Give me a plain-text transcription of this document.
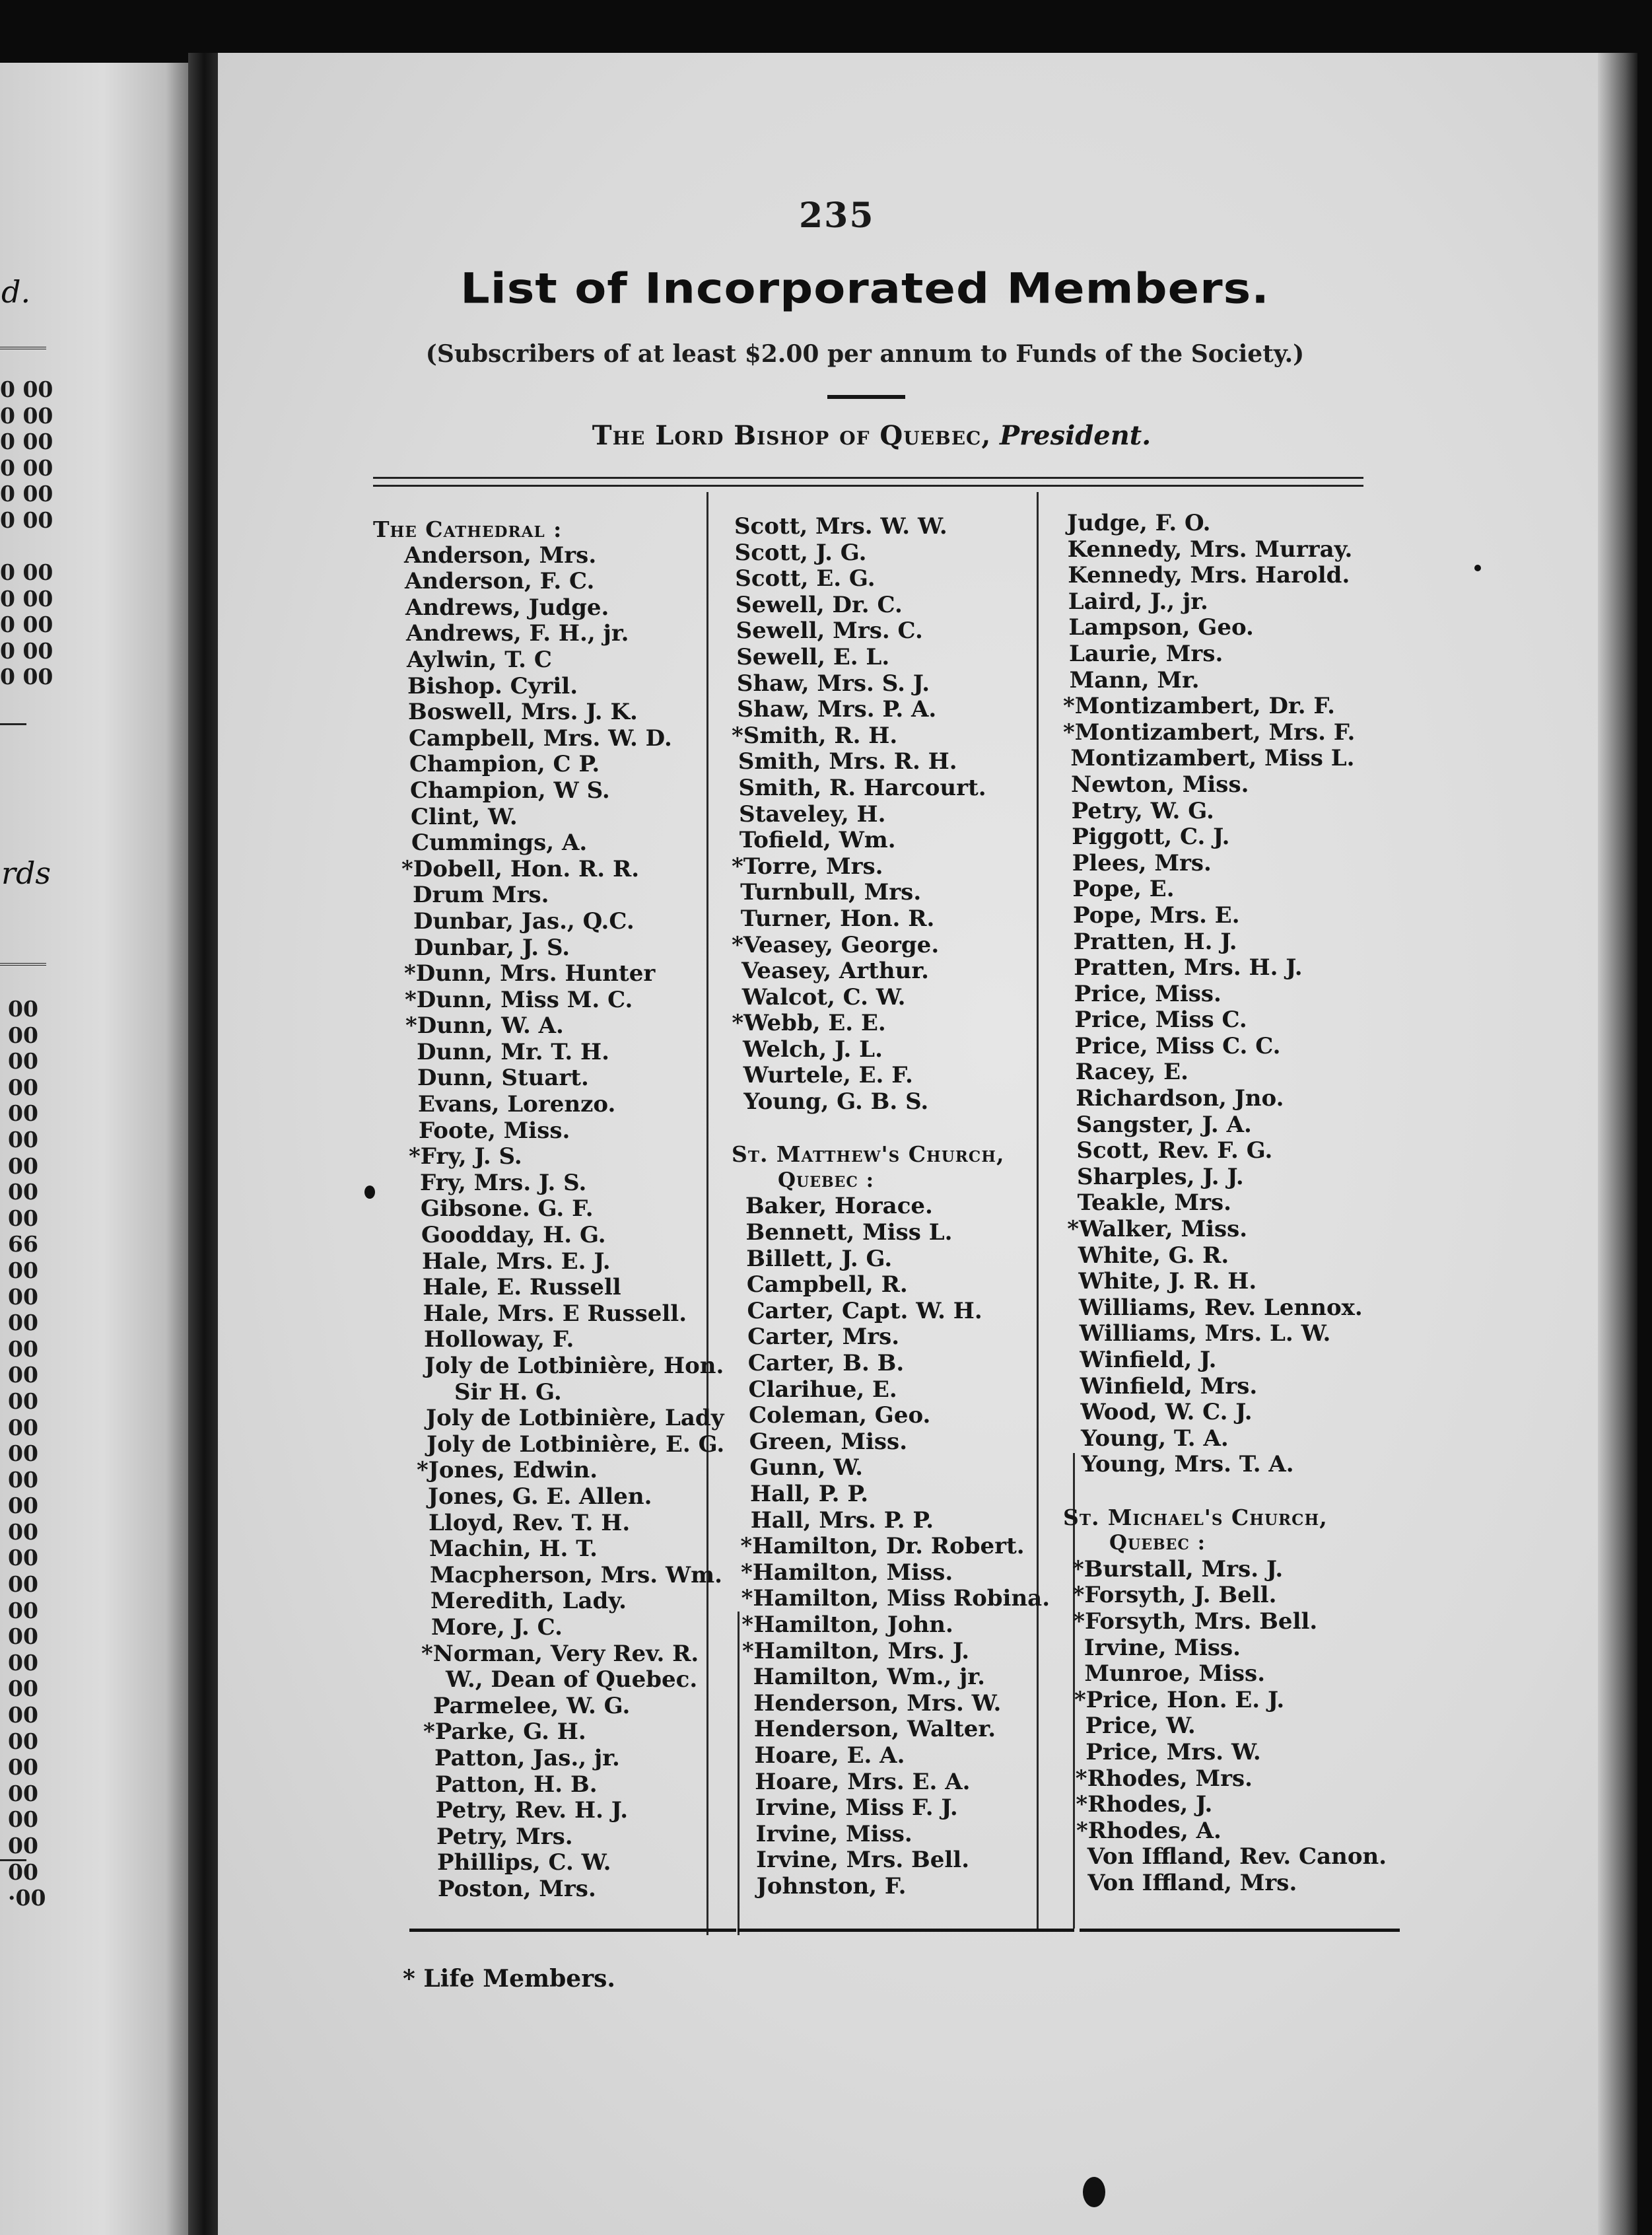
d.
0 00
0 00
0 00
0 00
0 00
0 00
0 00
0 00
0 00
0 00
0 00
rds
00
00
00
00
00
00
00
00
00
66
00
00
00
00
00
00
00
00
00
00
00
00
00
00
00
00
00
00
00
00
00
00
00
00
·00
235
List of Incorporated Members.
(Subscribers of at least $2.00 per annum to Funds of the Society.)
The Lord Bishop of Quebec, President.
The Cathedral :
Anderson, Mrs.
Anderson, F. C.
Andrews, Judge.
Andrews, F. H., jr.
Aylwin, T. C
Bishop. Cyril.
Boswell, Mrs. J. K.
Campbell, Mrs. W. D.
Champion, C P.
Champion, W S.
Clint, W.
Cummings, A.
*Dobell, Hon. R. R.
Drum Mrs.
Dunbar, Jas., Q.C.
Dunbar, J. S.
*Dunn, Mrs. Hunter
*Dunn, Miss M. C.
*Dunn, W. A.
Dunn, Mr. T. H.
Dunn, Stuart.
Evans, Lorenzo.
Foote, Miss.
*Fry, J. S.
Fry, Mrs. J. S.
Gibsone. G. F.
Goodday, H. G.
Hale, Mrs. E. J.
Hale, E. Russell
Hale, Mrs. E Russell.
Holloway, F.
Joly de Lotbinière, Hon.
Sir H. G.
Joly de Lotbinière, Lady
Joly de Lotbinière, E. G.
*Jones, Edwin.
Jones, G. E. Allen.
Lloyd, Rev. T. H.
Machin, H. T.
Macpherson, Mrs. Wm.
Meredith, Lady.
More, J. C.
*Norman, Very Rev. R.
W., Dean of Quebec.
Parmelee, W. G.
*Parke, G. H.
Patton, Jas., jr.
Patton, H. B.
Petry, Rev. H. J.
Petry, Mrs.
Phillips, C. W.
Poston, Mrs.
Scott, Mrs. W. W.
Scott, J. G.
Scott, E. G.
Sewell, Dr. C.
Sewell, Mrs. C.
Sewell, E. L.
Shaw, Mrs. S. J.
Shaw, Mrs. P. A.
*Smith, R. H.
Smith, Mrs. R. H.
Smith, R. Harcourt.
Staveley, H.
Tofield, Wm.
*Torre, Mrs.
Turnbull, Mrs.
Turner, Hon. R.
*Veasey, George.
Veasey, Arthur.
Walcot, C. W.
*Webb, E. E.
Welch, J. L.
Wurtele, E. F.
Young, G. B. S.
St. Matthew's Church,
Quebec :
Baker, Horace.
Bennett, Miss L.
Billett, J. G.
Campbell, R.
Carter, Capt. W. H.
Carter, Mrs.
Carter, B. B.
Clarihue, E.
Coleman, Geo.
Green, Miss.
Gunn, W.
Hall, P. P.
Hall, Mrs. P. P.
*Hamilton, Dr. Robert.
*Hamilton, Miss.
*Hamilton, Miss Robina.
*Hamilton, John.
*Hamilton, Mrs. J.
Hamilton, Wm., jr.
Henderson, Mrs. W.
Henderson, Walter.
Hoare, E. A.
Hoare, Mrs. E. A.
Irvine, Miss F. J.
Irvine, Miss.
Irvine, Mrs. Bell.
Johnston, F.
Judge, F. O.
Kennedy, Mrs. Murray.
Kennedy, Mrs. Harold.
Laird, J., jr.
Lampson, Geo.
Laurie, Mrs.
Mann, Mr.
*Montizambert, Dr. F.
*Montizambert, Mrs. F.
Montizambert, Miss L.
Newton, Miss.
Petry, W. G.
Piggott, C. J.
Plees, Mrs.
Pope, E.
Pope, Mrs. E.
Pratten, H. J.
Pratten, Mrs. H. J.
Price, Miss.
Price, Miss C.
Price, Miss C. C.
Racey, E.
Richardson, Jno.
Sangster, J. A.
Scott, Rev. F. G.
Sharples, J. J.
Teakle, Mrs.
*Walker, Miss.
White, G. R.
White, J. R. H.
Williams, Rev. Lennox.
Williams, Mrs. L. W.
Winfield, J.
Winfield, Mrs.
Wood, W. C. J.
Young, T. A.
Young, Mrs. T. A.
St. Michael's Church,
Quebec :
*Burstall, Mrs. J.
*Forsyth, J. Bell.
*Forsyth, Mrs. Bell.
Irvine, Miss.
Munroe, Miss.
*Price, Hon. E. J.
Price, W.
Price, Mrs. W.
*Rhodes, Mrs.
*Rhodes, J.
*Rhodes, A.
Von Iffland, Rev. Canon.
Von Iffland, Mrs.
* Life Members.
